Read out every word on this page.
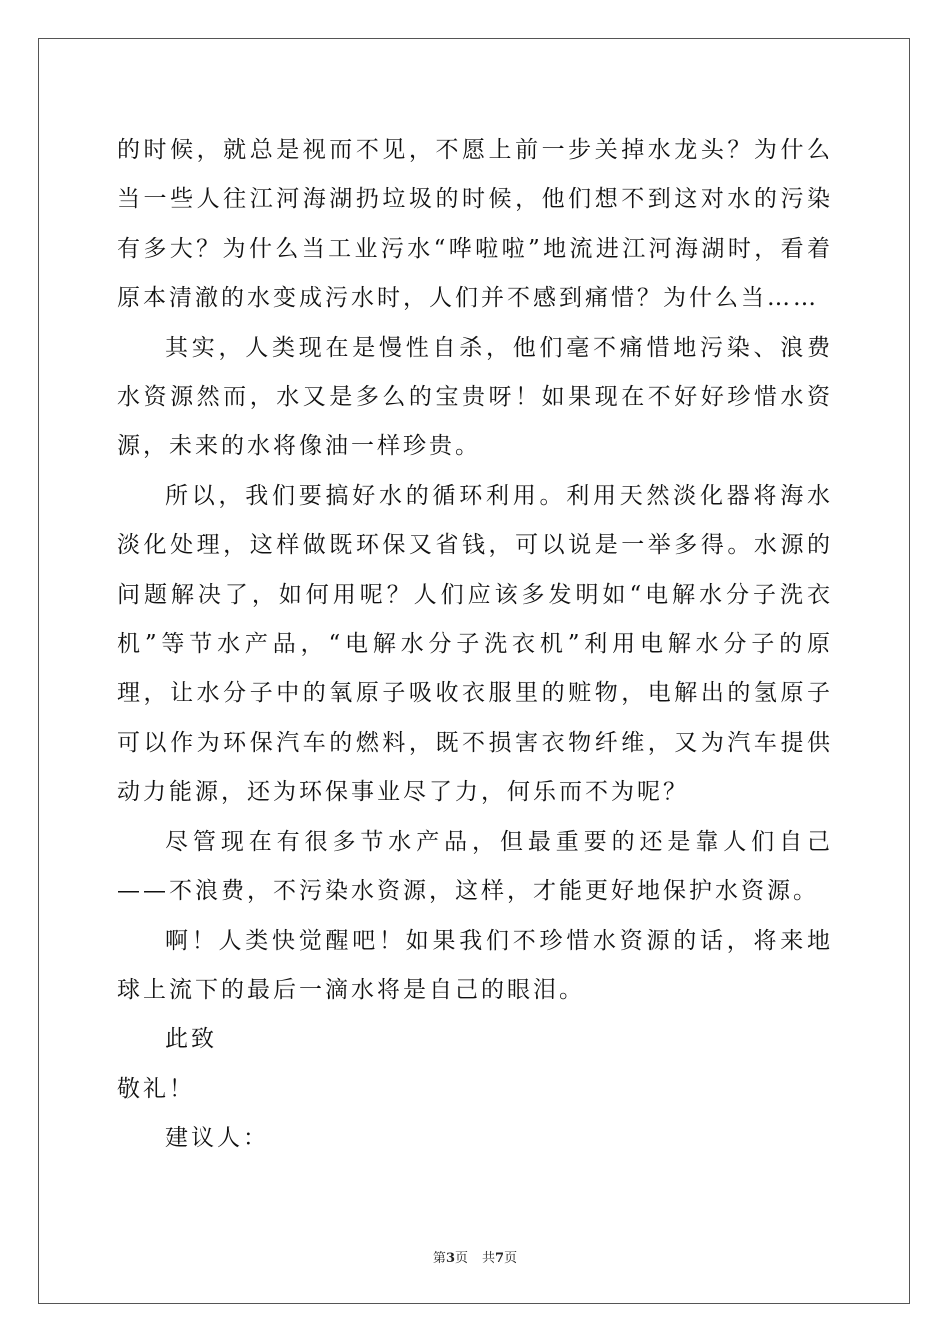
的时候，就总是视而不见，不愿上前一步关掉水龙头？为什么当一些人往江河海湖扔垃圾的时候，他们想不到这对水的污染有多大？为什么当工业污水“哗啦啦”地流进江河海湖时，看着原本清澈的水变成污水时，人们并不感到痛惜？为什么当……

其实，人类现在是慢性自杀，他们毫不痛惜地污染、浪费水资源然而，水又是多么的宝贵呀！如果现在不好好珍惜水资源，未来的水将像油一样珍贵。

所以，我们要搞好水的循环利用。利用天然淡化器将海水淡化处理，这样做既环保又省钱，可以说是一举多得。水源的问题解决了，如何用呢？人们应该多发明如“电解水分子洗衣机”等节水产品，“电解水分子洗衣机”利用电解水分子的原理，让水分子中的氧原子吸收衣服里的赃物，电解出的氢原子可以作为环保汽车的燃料，既不损害衣物纤维，又为汽车提供动力能源，还为环保事业尽了力，何乐而不为呢？

尽管现在有很多节水产品，但最重要的还是靠人们自己——不浪费，不污染水资源，这样，才能更好地保护水资源。

啊！人类快觉醒吧！如果我们不珍惜水资源的话，将来地球上流下的最后一滴水将是自己的眼泪。

此致

敬礼！

建议人：

第3页 共7页
